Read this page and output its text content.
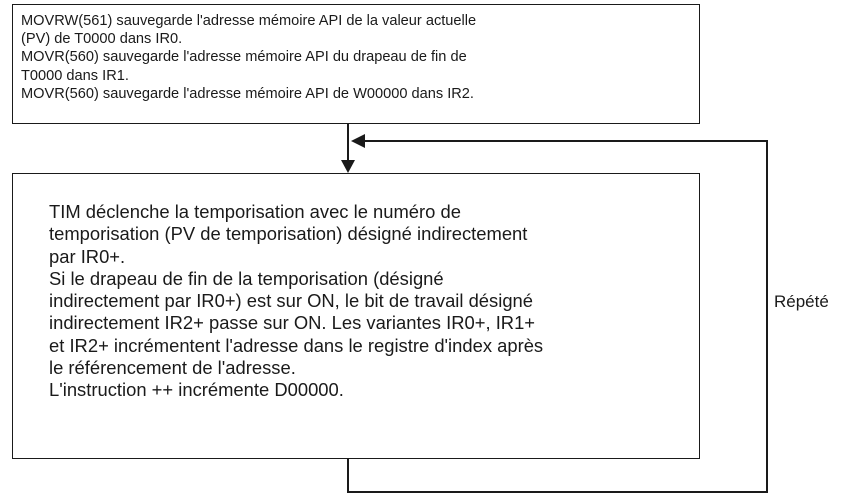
MOVRW(561) sauvegarde l'adresse mémoire API de la valeur actuelle
(PV) de T0000 dans IR0.
MOVR(560) sauvegarde l'adresse mémoire API du drapeau de fin de
T0000 dans IR1.
MOVR(560) sauvegarde l'adresse mémoire API de W00000 dans IR2.
TIM déclenche la temporisation avec le numéro de
temporisation (PV de temporisation) désigné indirectement
par IR0+.
Si le drapeau de fin de la temporisation (désigné
indirectement par IR0+) est sur ON, le bit de travail désigné
indirectement IR2+ passe sur ON. Les variantes IR0+, IR1+
et IR2+ incrémentent l'adresse dans le registre d'index après
le référencement de l'adresse.
L'instruction ++ incrémente D00000.
Répété
